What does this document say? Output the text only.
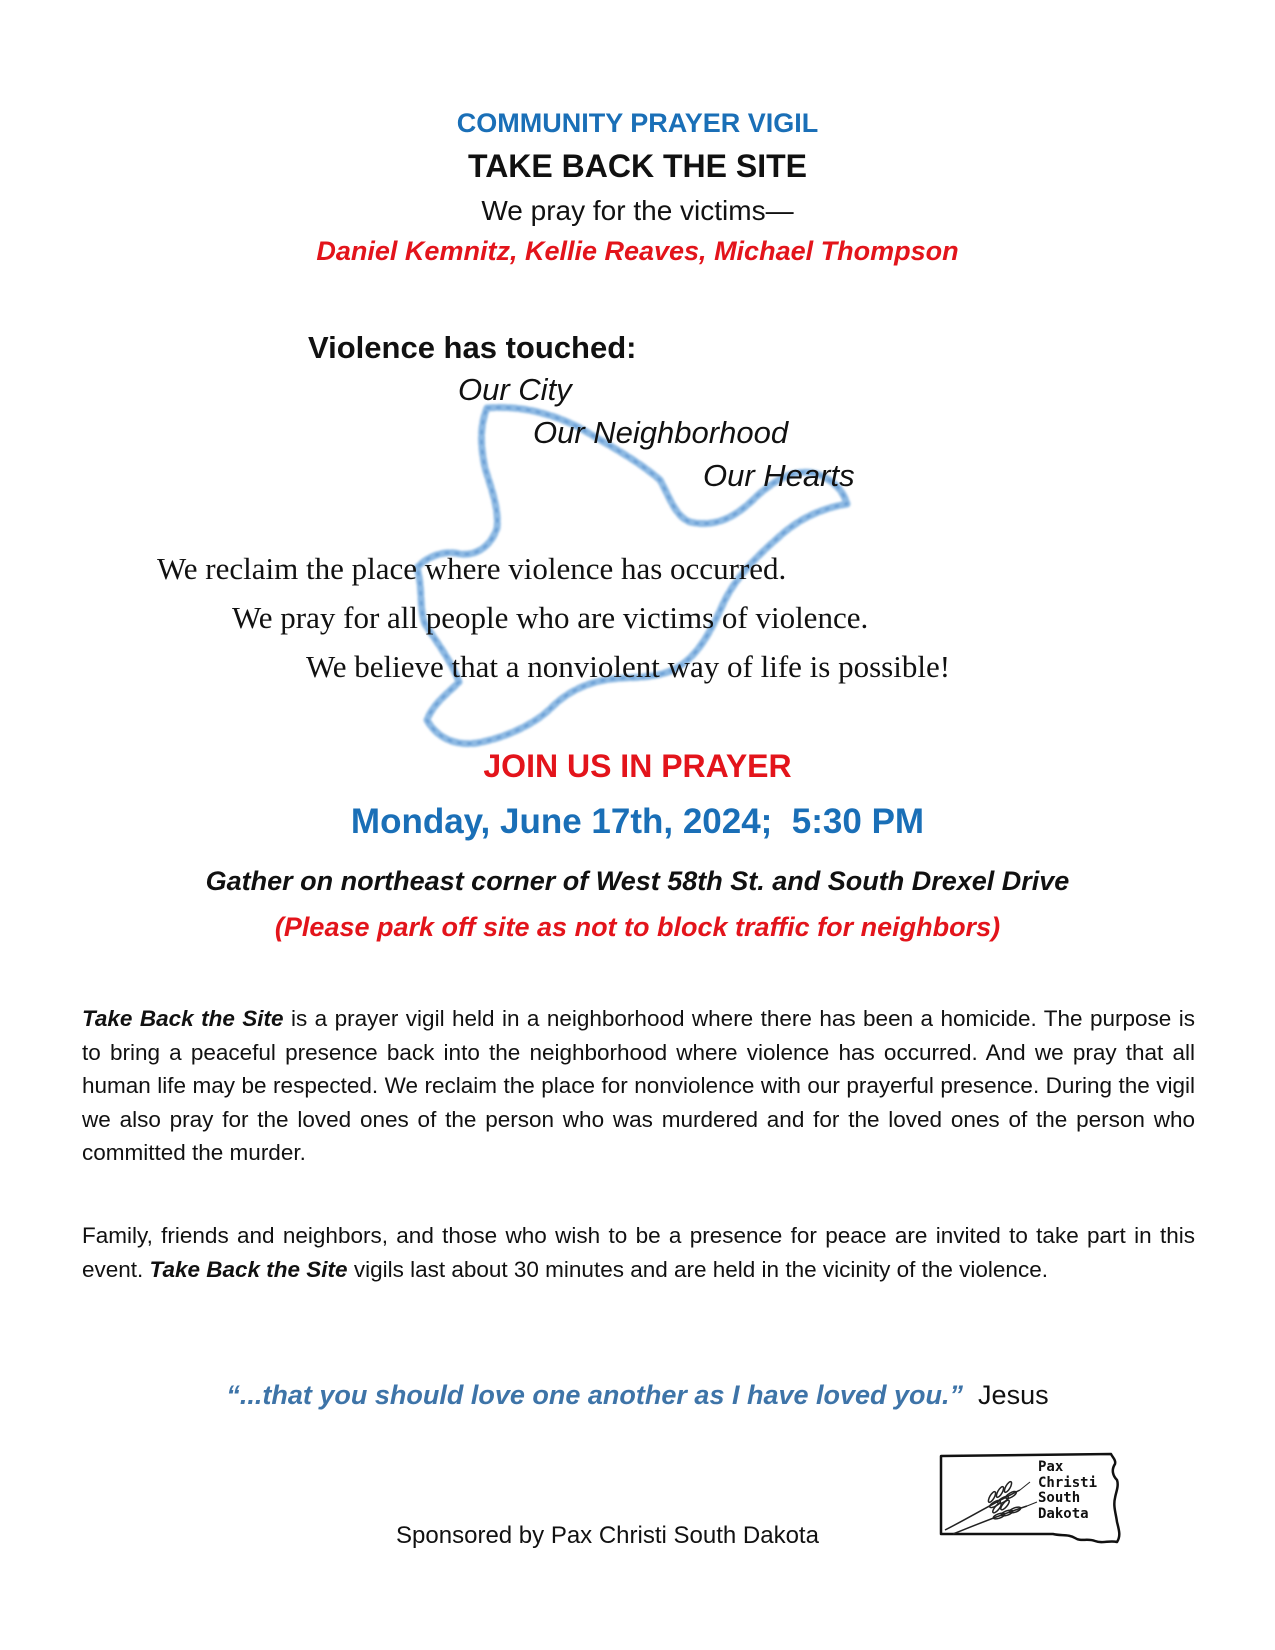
COMMUNITY PRAYER VIGIL
TAKE BACK THE SITE
We pray for the victims—
Daniel Kemnitz, Kellie Reaves, Michael Thompson
Violence has touched:
Our City
Our Neighborhood
Our Hearts
We reclaim the place where violence has occurred.
We pray for all people who are victims of violence.
We believe that a nonviolent way of life is possible!
JOIN US IN PRAYER
Monday, June 17th, 2024;  5:30 PM
Gather on northeast corner of West 58th St. and South Drexel Drive
(Please park off site as not to block traffic for neighbors)
Take Back the Site is a prayer vigil held in a neighborhood where there has been a homicide. The purpose is to bring a peaceful presence back into the neighborhood where violence has occurred. And we pray that all human life may be respected. We reclaim the place for nonviolence with our prayerful presence. During the vigil we also pray for the loved ones of the person who was murdered and for the loved ones of the person who committed the murder.
Family, friends and neighbors, and those who wish to be a presence for peace are invited to take part in this event. Take Back the Site vigils last about 30 minutes and are held in the vicinity of the violence.
“...that you should love one another as I have loved you.” Jesus
Sponsored by Pax Christi South Dakota
Pax
Christi
South
Dakota
